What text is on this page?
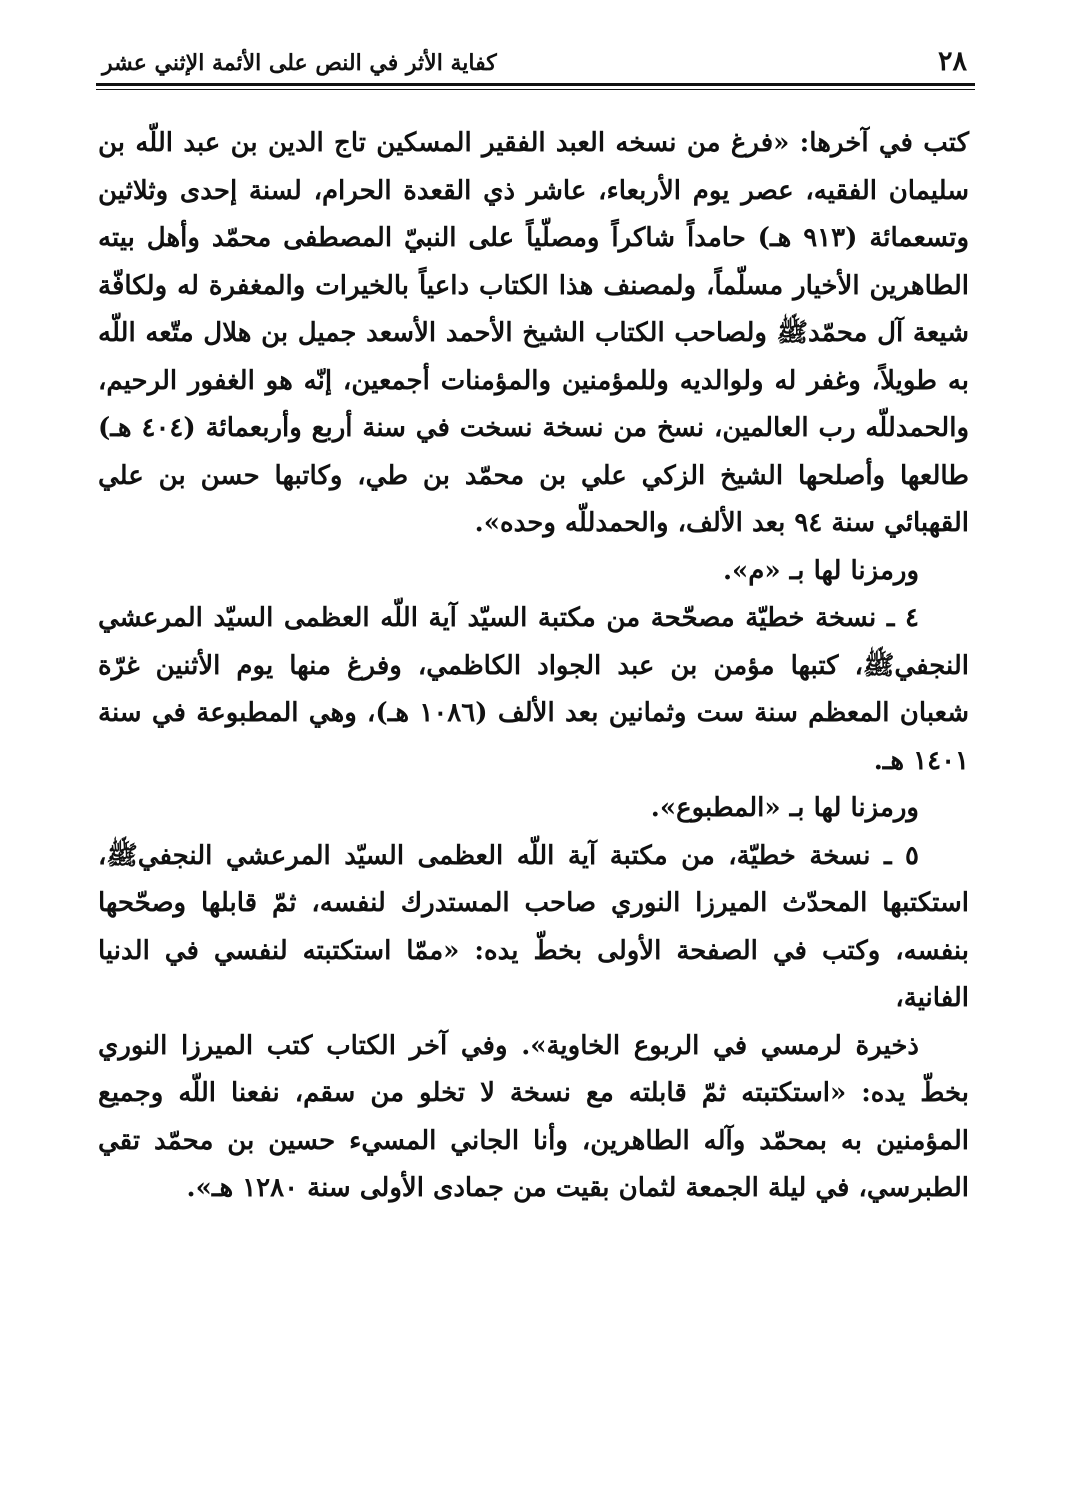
٢٨
كفاية الأثر في النص على الأئمة الإثني عشر

كتب في آخرها: «فرغ من نسخه العبد الفقير المسكين تاج الدين بن عبد اللّه بن سليمان الفقيه، عصر يوم الأربعاء، عاشر ذي القعدة الحرام، لسنة إحدى وثلاثين وتسعمائة (٩١٣ هـ) حامداً شاكراً ومصلّياً على النبيّ المصطفى محمّد وأهل بيته الطاهرين الأخيار مسلّماً، ولمصنف هذا الكتاب داعياً بالخيرات والمغفرة له ولكافّة شيعة آل محمّدﷺ ولصاحب الكتاب الشيخ الأحمد الأسعد جميل بن هلال متّعه اللّه به طويلاً، وغفر له ولوالديه وللمؤمنين والمؤمنات أجمعين، إنّه هو الغفور الرحيم، والحمدللّه رب العالمين، نسخ من نسخة نسخت في سنة أربع وأربعمائة (٤٠٤ هـ) طالعها وأصلحها الشيخ الزكي علي بن محمّد بن طي، وكاتبها حسن بن علي القهبائي سنة ٩٤ بعد الألف، والحمدللّه وحده».

ورمزنا لها بـ «م».

٤ ـ نسخة خطيّة مصحّحة من مكتبة السيّد آية اللّه العظمى السيّد المرعشي النجفيﷺ، كتبها مؤمن بن عبد الجواد الكاظمي، وفرغ منها يوم الأثنين غرّة شعبان المعظم سنة ست وثمانين بعد الألف (١٠٨٦ هـ)، وهي المطبوعة في سنة ١٤٠١ هـ.

ورمزنا لها بـ «المطبوع».

٥ ـ نسخة خطيّة، من مكتبة آية اللّه العظمى السيّد المرعشي النجفيﷺ، استكتبها المحدّث الميرزا النوري صاحب المستدرك لنفسه، ثمّ قابلها وصحّحها بنفسه، وكتب في الصفحة الأولى بخطّ يده: «ممّا استكتبته لنفسي في الدنيا الفانية،

ذخيرة لرمسي في الربوع الخاوية». وفي آخر الكتاب كتب الميرزا النوري بخطّ يده: «استكتبته ثمّ قابلته مع نسخة لا تخلو من سقم، نفعنا اللّه وجميع المؤمنين به بمحمّد وآله الطاهرين، وأنا الجاني المسيء حسين بن محمّد تقي الطبرسي، في ليلة الجمعة لثمان بقيت من جمادى الأولى سنة ١٢٨٠ هـ».
